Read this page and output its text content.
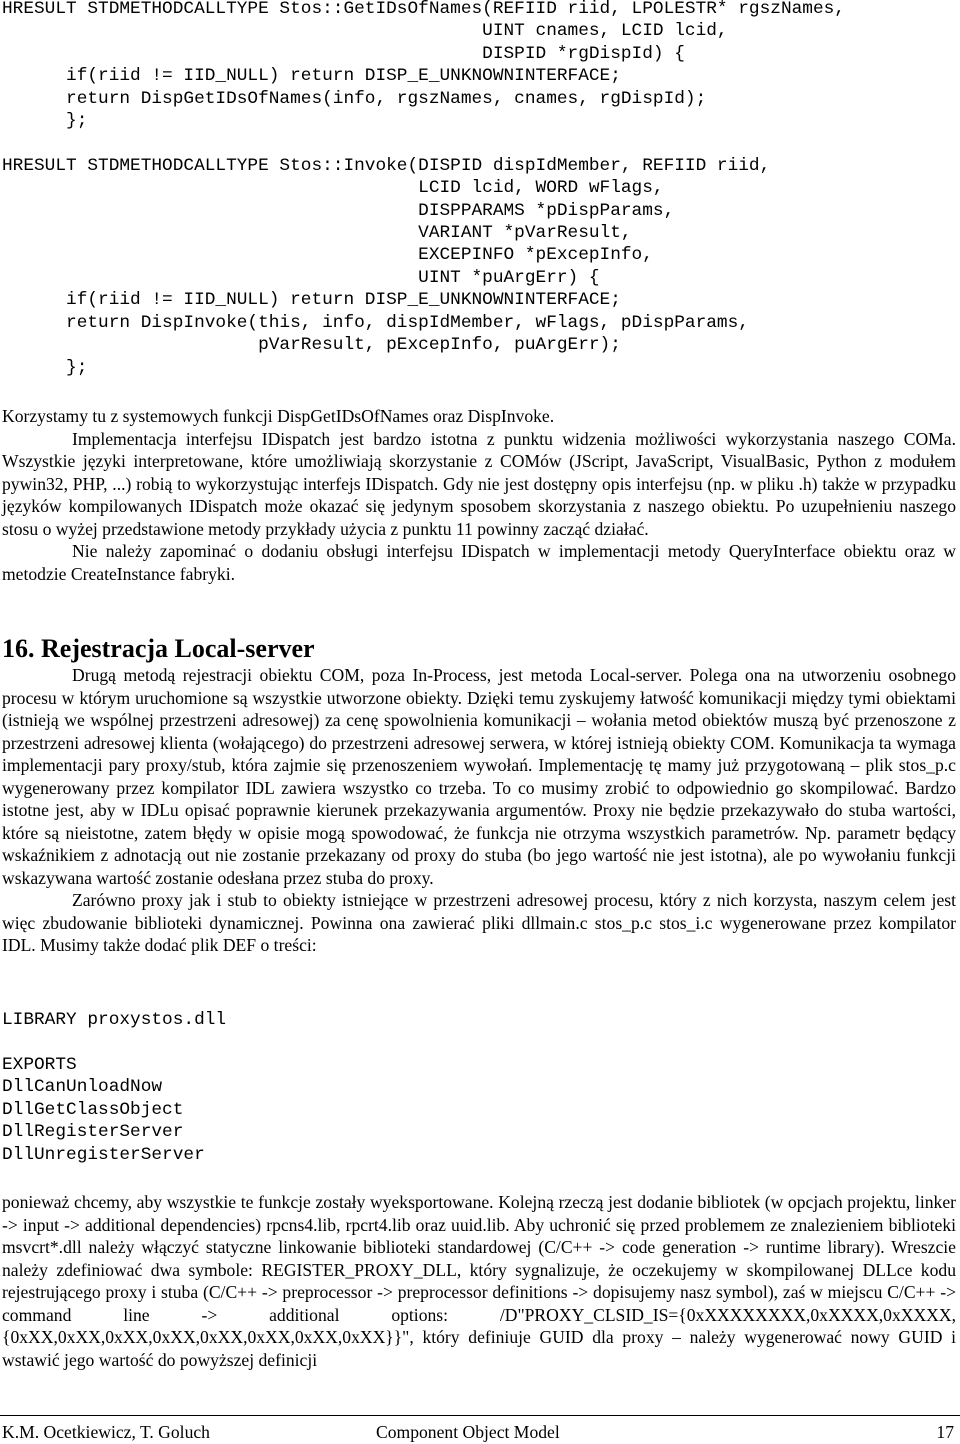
HRESULT STDMETHODCALLTYPE Stos::GetIDsOfNames(REFIID riid, LPOLESTR* rgszNames,
UINT cnames, LCID lcid,
DISPID *rgDispId) {
if(riid != IID_NULL) return DISP_E_UNKNOWNINTERFACE;
return DispGetIDsOfNames(info, rgszNames, cnames, rgDispId);
};

HRESULT STDMETHODCALLTYPE Stos::Invoke(DISPID dispIdMember, REFIID riid,
LCID lcid, WORD wFlags,
DISPPARAMS *pDispParams,
VARIANT *pVarResult,
EXCEPINFO *pExcepInfo,
UINT *puArgErr) {
if(riid != IID_NULL) return DISP_E_UNKNOWNINTERFACE;
return DispInvoke(this, info, dispIdMember, wFlags, pDispParams,
pVarResult, pExcepInfo, puArgErr);
};

Korzystamy tu z systemowych funkcji DispGetIDsOfNames oraz DispInvoke.

Implementacja interfejsu IDispatch jest bardzo istotna z punktu widzenia możliwości wykorzystania naszego COMa. Wszystkie języki interpretowane, które umożliwiają skorzystanie z COMów (JScript, JavaScript, VisualBasic, Python z modułem pywin32, PHP, ...) robią to wykorzystując interfejs IDispatch. Gdy nie jest dostępny opis interfejsu (np. w pliku .h) także w przypadku języków kompilowanych IDispatch może okazać się jedynym sposobem skorzystania z naszego obiektu. Po uzupełnieniu naszego stosu o wyżej przedstawione metody przykłady użycia z punktu 11 powinny zacząć działać.

Nie należy zapominać o dodaniu obsługi interfejsu IDispatch w implementacji metody QueryInterface obiektu oraz w metodzie CreateInstance fabryki.

16. Rejestracja Local-server

Drugą metodą rejestracji obiektu COM, poza In-Process, jest metoda Local-server. Polega ona na utworzeniu osobnego procesu w którym uruchomione są wszystkie utworzone obiekty. Dzięki temu zyskujemy łatwość komunikacji między tymi obiektami (istnieją we wspólnej przestrzeni adresowej) za cenę spowolnienia komunikacji – wołania metod obiektów muszą być przenoszone z przestrzeni adresowej klienta (wołającego) do przestrzeni adresowej serwera, w której istnieją obiekty COM. Komunikacja ta wymaga implementacji pary proxy/stub, która zajmie się przenoszeniem wywołań. Implementację tę mamy już przygotowaną – plik stos_p.c wygenerowany przez kompilator IDL zawiera wszystko co trzeba. To co musimy zrobić to odpowiednio go skompilować. Bardzo istotne jest, aby w IDLu opisać poprawnie kierunek przekazywania argumentów. Proxy nie będzie przekazywało do stuba wartości, które są nieistotne, zatem błędy w opisie mogą spowodować, że funkcja nie otrzyma wszystkich parametrów. Np. parametr będący wskaźnikiem z adnotacją out nie zostanie przekazany od proxy do stuba (bo jego wartość nie jest istotna), ale po wywołaniu funkcji wskazywana wartość zostanie odesłana przez stuba do proxy.

Zarówno proxy jak i stub to obiekty istniejące w przestrzeni adresowej procesu, który z nich korzysta, naszym celem jest więc zbudowanie biblioteki dynamicznej. Powinna ona zawierać pliki dllmain.c stos_p.c stos_i.c wygenerowane przez kompilator IDL. Musimy także dodać plik DEF o treści:

LIBRARY proxystos.dll
EXPORTS
DllCanUnloadNow
DllGetClassObject
DllRegisterServer
DllUnregisterServer

ponieważ chcemy, aby wszystkie te funkcje zostały wyeksportowane. Kolejną rzeczą jest dodanie bibliotek (w opcjach projektu, linker -> input -> additional dependencies) rpcns4.lib, rpcrt4.lib oraz uuid.lib. Aby uchronić się przed problemem ze znalezieniem biblioteki msvcrt*.dll należy włączyć statyczne linkowanie biblioteki standardowej (C/C++ -> code generation -> runtime library). Wreszcie należy zdefiniować dwa symbole: REGISTER_PROXY_DLL, który sygnalizuje, że oczekujemy w skompilowanej DLLce kodu rejestrującego proxy i stuba (C/C++ -> preprocessor -> preprocessor definitions -> dopisujemy nasz symbol), zaś w miejscu C/C++ -> command line -> additional options: /D"PROXY_CLSID_IS={0xXXXXXXXX,0xXXXX,0xXXXX,{0xXX,0xXX,0xXX,0xXX,0xXX,0xXX,0xXX,0xXX}}", który definiuje GUID dla proxy – należy wygenerować nowy GUID i wstawić jego wartość do powyższej definicji

K.M. Ocetkiewicz, T. Goluch	Component Object Model	17
